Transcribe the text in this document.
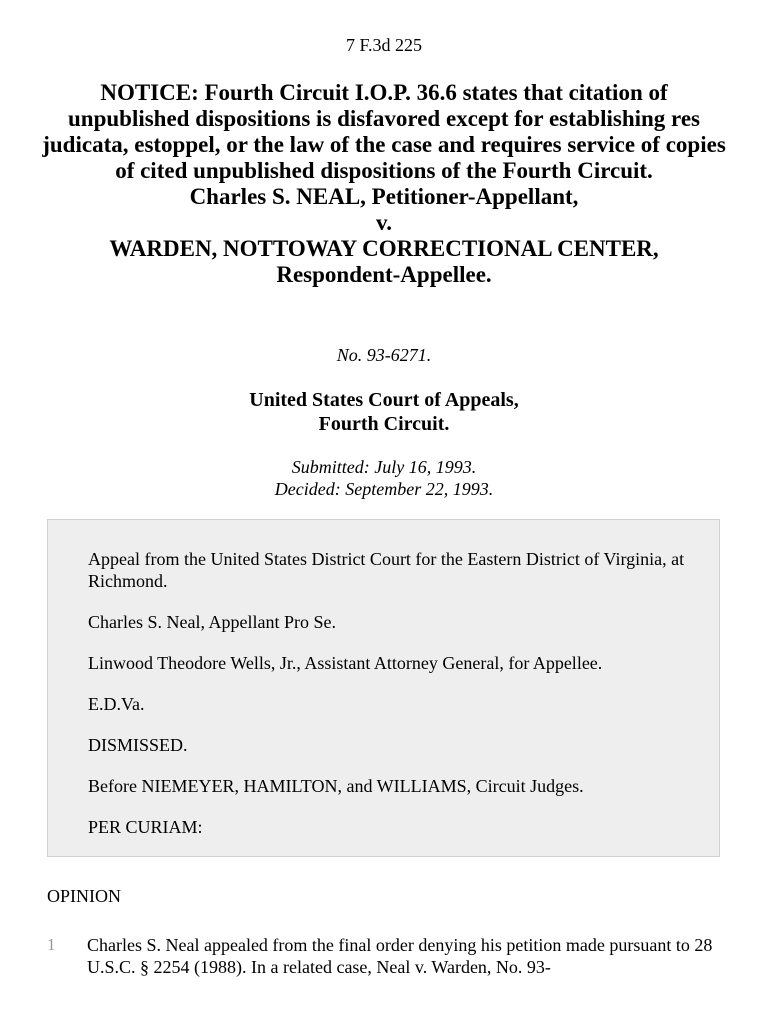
7 F.3d 225
NOTICE: Fourth Circuit I.O.P. 36.6 states that citation of unpublished dispositions is disfavored except for establishing res judicata, estoppel, or the law of the case and requires service of copies of cited unpublished dispositions of the Fourth Circuit.
Charles S. NEAL, Petitioner-Appellant,
v.
WARDEN, NOTTOWAY CORRECTIONAL CENTER,
Respondent-Appellee.
No. 93-6271.
United States Court of Appeals,
Fourth Circuit.
Submitted: July 16, 1993.
Decided: September 22, 1993.

Appeal from the United States District Court for the Eastern District of Virginia, at Richmond.

Charles S. Neal, Appellant Pro Se.

Linwood Theodore Wells, Jr., Assistant Attorney General, for Appellee.

E.D.Va.

DISMISSED.

Before NIEMEYER, HAMILTON, and WILLIAMS, Circuit Judges.

PER CURIAM:

OPINION
1 Charles S. Neal appealed from the final order denying his petition made pursuant to 28 U.S.C. § 2254 (1988). In a related case, Neal v. Warden, No. 93-
